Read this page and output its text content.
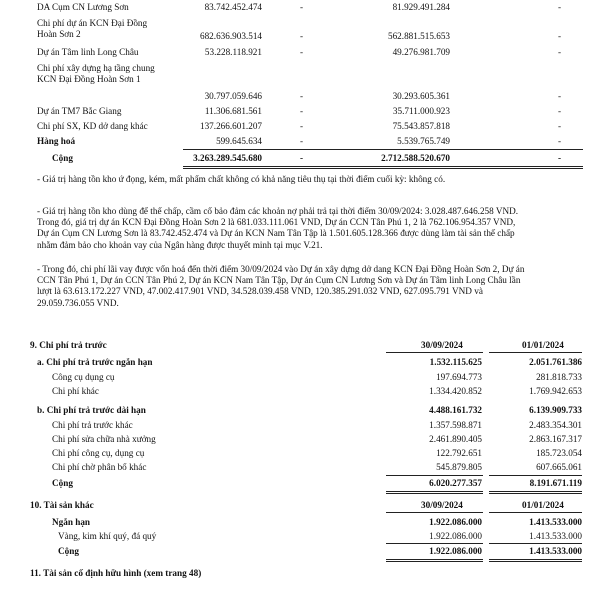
DA Cụm CN Lương Sơn	83.742.452.474	-	81.929.491.284	-
Chi phí dự án KCN Đại Đồng Hoàn Sơn 2	682.636.903.514	-	562.881.515.653	-
Dự án Tâm linh Long Châu	53.228.118.921	-	49.276.981.709	-
Chi phí xây dựng hạ tầng chung KCN Đại Đồng Hoàn Sơn 1
30.797.059.646	-	30.293.605.361	-
Dự án TM7 Bắc Giang	11.306.681.561	-	35.711.000.923	-
Chi phí SX, KD dở dang khác	137.266.601.207	-	75.543.857.818	-
Hàng hoá	599.645.634	-	5.539.765.749	-
Cộng	3.263.289.545.680	-	2.712.588.520.670	-
- Giá trị hàng tồn kho ứ đọng, kém, mất phẩm chất không có khả năng tiêu thụ tại thời điểm cuối kỳ: không có.
- Giá trị hàng tồn kho dùng để thế chấp, cầm cố bảo đảm các khoản nợ phải trả tại thời điểm 30/09/2024: 3.028.487.646.258 VND.
Trong đó, giá trị dự án KCN Đại Đồng Hoàn Sơn 2 là 681.033.111.061 VND, Dự án CCN Tân Phú 1, 2 là 762.106.954.357 VND,
Dự án Cụm CN Lương Sơn là 83.742.452.474 và Dự án KCN Nam Tân Tập là 1.501.605.128.366 được dùng làm tài sản thế chấp
nhằm đảm bảo cho khoản vay của Ngân hàng được thuyết minh tại mục V.21.
- Trong đó, chi phí lãi vay được vốn hoá đến thời điểm 30/09/2024 vào Dự án xây dựng dở dang KCN Đại Đồng Hoàn Sơn 2, Dự án
CCN Tân Phú 1, Dự án CCN Tân Phú 2, Dự án KCN Nam Tân Tập, Dự án Cụm CN Lương Sơn và Dự án Tâm linh Long Châu lần
lượt là 63.613.172.227 VND, 47.002.417.901 VND, 34.528.039.458 VND, 120.385.291.032 VND, 627.095.791 VND và
29.059.736.055 VND.
9. Chi phí trả trước	30/09/2024	01/01/2024
a. Chi phí trả trước ngắn hạn	1.532.115.625	2.051.761.386
Công cụ dụng cụ	197.694.773	281.818.733
Chi phí khác	1.334.420.852	1.769.942.653
b. Chi phí trả trước dài hạn	4.488.161.732	6.139.909.733
Chi phí trả trước khác	1.357.598.871	2.483.354.301
Chi phí sửa chữa nhà xưởng	2.461.890.405	2.863.167.317
Chi phí công cụ, dụng cụ	122.792.651	185.723.054
Chi phí chờ phân bổ khác	545.879.805	607.665.061
Cộng	6.020.277.357	8.191.671.119
10. Tài sản khác	30/09/2024	01/01/2024
Ngắn hạn	1.922.086.000	1.413.533.000
Vàng, kim khí quý, đá quý	1.922.086.000	1.413.533.000
Cộng	1.922.086.000	1.413.533.000
11. Tài sản cố định hữu hình (xem trang 48)
